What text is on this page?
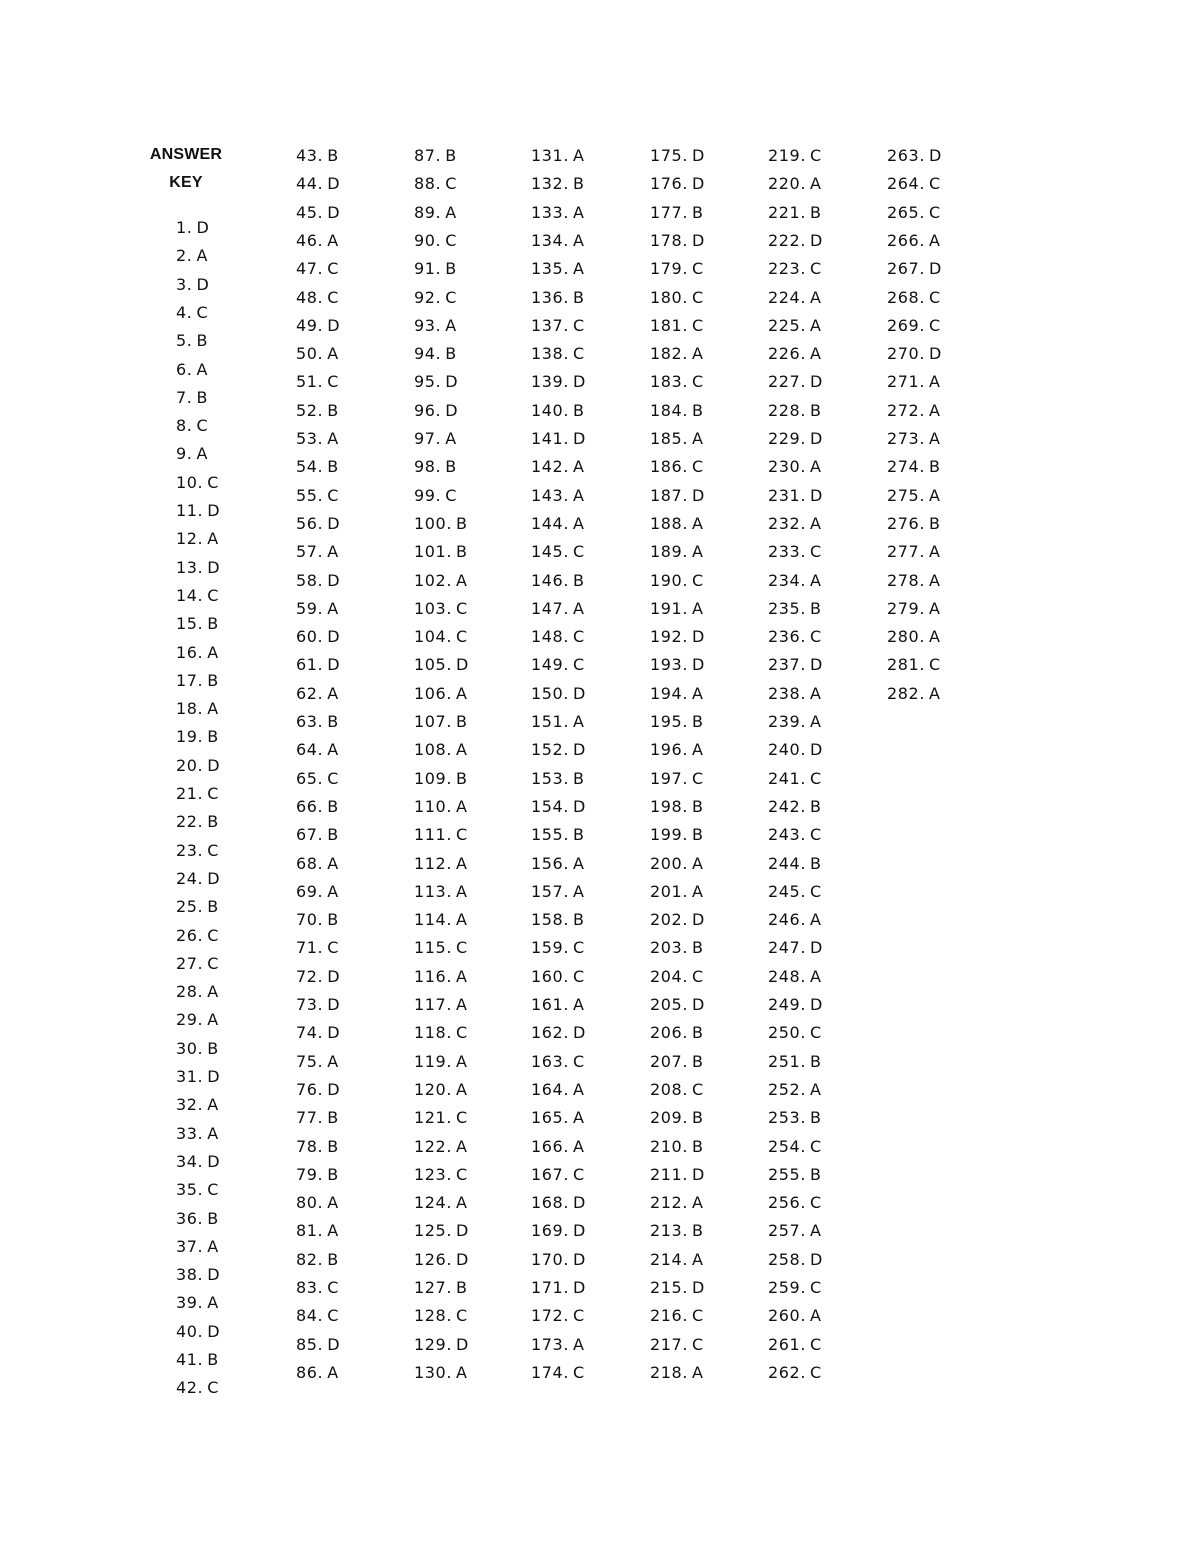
ANSWER
KEY
1. D
2. A
3. D
4. C
5. B
6. A
7. B
8. C
9. A
10. C
11. D
12. A
13. D
14. C
15. B
16. A
17. B
18. A
19. B
20. D
21. C
22. B
23. C
24. D
25. B
26. C
27. C
28. A
29. A
30. B
31. D
32. A
33. A
34. D
35. C
36. B
37. A
38. D
39. A
40. D
41. B
42. C
43. B
44. D
45. D
46. A
47. C
48. C
49. D
50. A
51. C
52. B
53. A
54. B
55. C
56. D
57. A
58. D
59. A
60. D
61. D
62. A
63. B
64. A
65. C
66. B
67. B
68. A
69. A
70. B
71. C
72. D
73. D
74. D
75. A
76. D
77. B
78. B
79. B
80. A
81. A
82. B
83. C
84. C
85. D
86. A
87. B
88. C
89. A
90. C
91. B
92. C
93. A
94. B
95. D
96. D
97. A
98. B
99. C
100. B
101. B
102. A
103. C
104. C
105. D
106. A
107. B
108. A
109. B
110. A
111. C
112. A
113. A
114. A
115. C
116. A
117. A
118. C
119. A
120. A
121. C
122. A
123. C
124. A
125. D
126. D
127. B
128. C
129. D
130. A
131. A
132. B
133. A
134. A
135. A
136. B
137. C
138. C
139. D
140. B
141. D
142. A
143. A
144. A
145. C
146. B
147. A
148. C
149. C
150. D
151. A
152. D
153. B
154. D
155. B
156. A
157. A
158. B
159. C
160. C
161. A
162. D
163. C
164. A
165. A
166. A
167. C
168. D
169. D
170. D
171. D
172. C
173. A
174. C
175. D
176. D
177. B
178. D
179. C
180. C
181. C
182. A
183. C
184. B
185. A
186. C
187. D
188. A
189. A
190. C
191. A
192. D
193. D
194. A
195. B
196. A
197. C
198. B
199. B
200. A
201. A
202. D
203. B
204. C
205. D
206. B
207. B
208. C
209. B
210. B
211. D
212. A
213. B
214. A
215. D
216. C
217. C
218. A
219. C
220. A
221. B
222. D
223. C
224. A
225. A
226. A
227. D
228. B
229. D
230. A
231. D
232. A
233. C
234. A
235. B
236. C
237. D
238. A
239. A
240. D
241. C
242. B
243. C
244. B
245. C
246. A
247. D
248. A
249. D
250. C
251. B
252. A
253. B
254. C
255. B
256. C
257. A
258. D
259. C
260. A
261. C
262. C
263. D
264. C
265. C
266. A
267. D
268. C
269. C
270. D
271. A
272. A
273. A
274. B
275. A
276. B
277. A
278. A
279. A
280. A
281. C
282. A
